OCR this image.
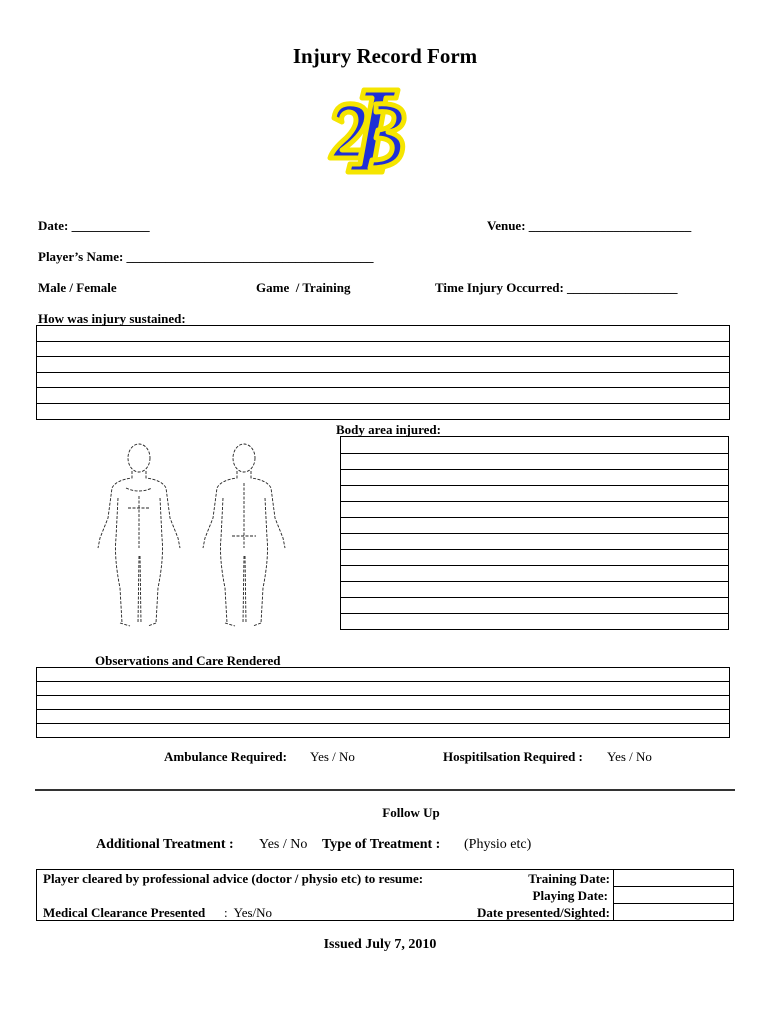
Injury Record Form
Date: ____________	Venue: _________________________
Player’s Name: ______________________________________
Male / Female	Game  / Training	Time Injury Occurred: _________________
How was injury sustained:
Body area injured:
Observations and Care Rendered
Ambulance Required: Yes / No	Hospitilsation Required : Yes / No
Follow Up
Additional Treatment : Yes / No Type of Treatment : (Physio etc)
Player cleared by professional advice (doctor / physio etc) to resume:	Training Date:
Playing Date:
Medical Clearance Presented :  Yes/No	Date presented/Sighted:
Issued July 7, 2010
